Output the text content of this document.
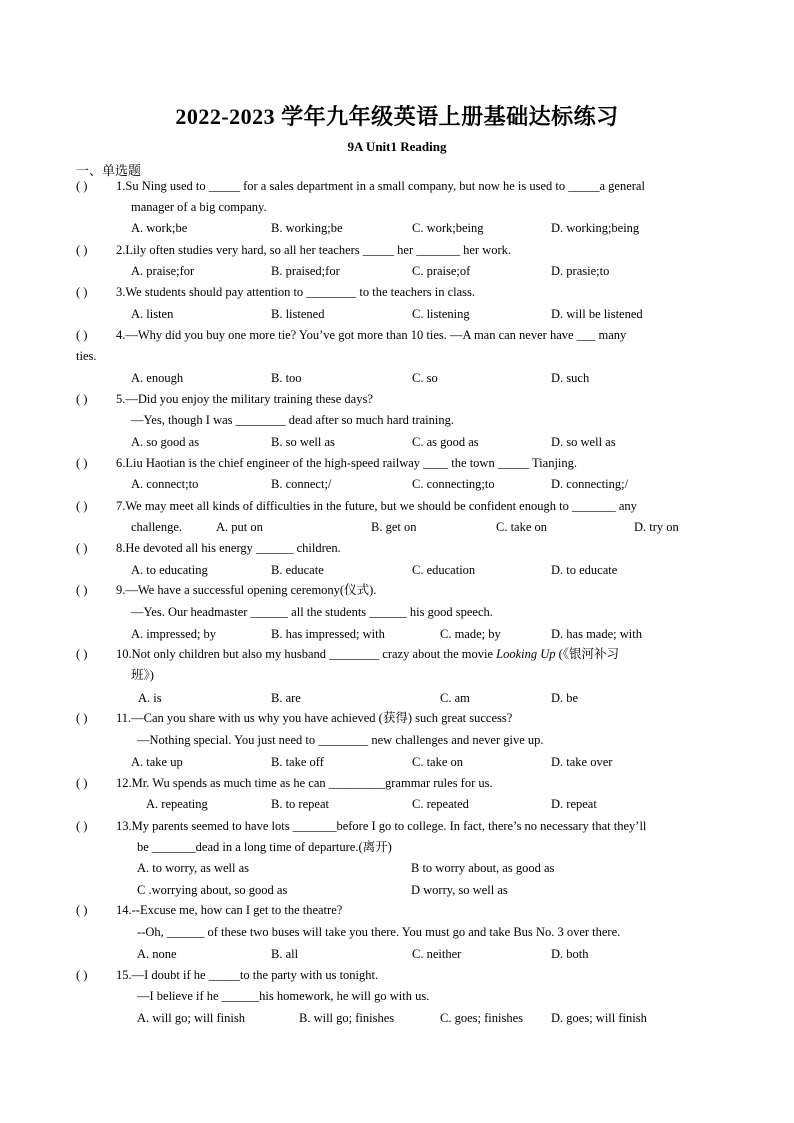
2022-2023 学年九年级英语上册基础达标练习
9A Unit1 Reading
一、单选题
( ) 1.Su Ning used to _____ for a sales department in a small company, but now he is used to _____a general
manager of a big company.
A. work;be	B. working;be	C. work;being	D. working;being
( ) 2.Lily often studies very hard, so all her teachers _____ her _______ her work.
A. praise;for	B. praised;for	C. praise;of	D. prasie;to
( ) 3.We students should pay attention to ________ to the teachers in class.
A. listen	B. listened	C. listening	D. will be listened
( ) 4.—Why did you buy one more tie? You’ve got more than 10 ties. —A man can never have ___ many
ties.
A. enough	B. too	C. so	D. such
( ) 5.—Did you enjoy the military training these days?
—Yes, though I was ________ dead after so much hard training.
A. so good as	B. so well as	C. as good as	D. so well as
( ) 6.Liu Haotian is the chief engineer of the high-speed railway ____ the town _____ Tianjing.
A. connect;to	B. connect;/	C. connecting;to	D. connecting;/
( ) 7.We may meet all kinds of difficulties in the future, but we should be confident enough to _______ any
challenge.	A. put on	B. get on	C. take on	D. try on
( ) 8.He devoted all his energy ______ children.
A. to educating	B. educate	C. education	D. to educate
( ) 9.—We have a successful opening ceremony(仪式).
—Yes. Our headmaster ______ all the students ______ his good speech.
A. impressed; by	B. has impressed; with	C. made; by	D. has made; with
( ) 10.Not only children but also my husband ________ crazy about the movie Looking Up (《银河补习
班》)
A. is	B. are	C. am	D. be
( ) 11.—Can you share with us why you have achieved (获得) such great success?
—Nothing special. You just need to ________ new challenges and never give up.
A. take up	B. take off	C. take on	D. take over
( ) 12.Mr. Wu spends as much time as he can _________grammar rules for us.
A. repeating	B. to repeat	C. repeated	D. repeat
( ) 13.My parents seemed to have lots _______before I go to college. In fact, there’s no necessary that they’ll
be _______dead in a long time of departure.(离开)
A. to worry, as well as	B to worry about, as good as
C .worrying about, so good as	D worry, so well as
( ) 14.--Excuse me, how can I get to the theatre?
--Oh, ______ of these two buses will take you there. You must go and take Bus No. 3 over there.
A. none	B. all	C. neither	D. both
( ) 15.—I doubt if he _____to the party with us tonight.
—I believe if he ______his homework, he will go with us.
A. will go; will finish	B. will go; finishes	C. goes; finishes D. goes; will finish
